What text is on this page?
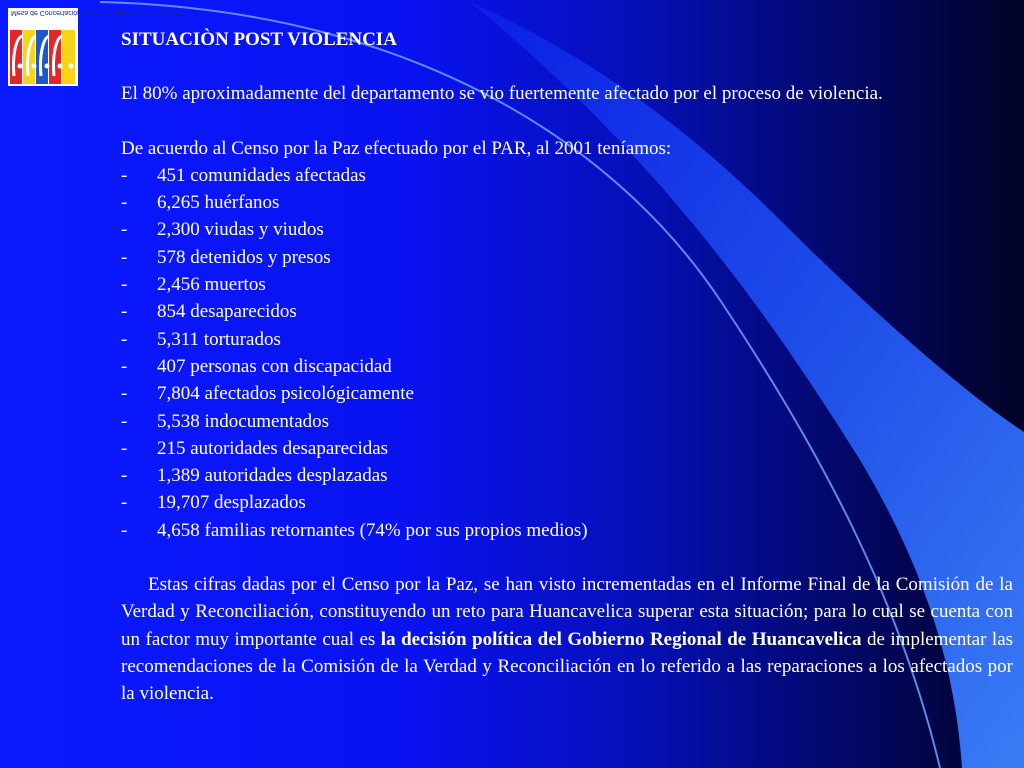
Mesa de Concertación para la Lucha contra la Pobreza

SITUACIÒN POST VIOLENCIA

El 80% aproximadamente del departamento se vio fuertemente afectado por el proceso de violencia.

De acuerdo al Censo por la Paz efectuado por el PAR, al 2001 teníamos:

-	451 comunidades afectadas
-	6,265 huérfanos
-	2,300 viudas y viudos
-	578 detenidos y presos
-	2,456 muertos
-	854 desaparecidos
-	5,311 torturados
-	407 personas con discapacidad
-	7,804 afectados psicológicamente
-	5,538 indocumentados
-	215 autoridades desaparecidas
-	1,389 autoridades desplazadas
-	19,707 desplazados
-	4,658 familias retornantes (74% por sus propios medios)

Estas cifras dadas por el Censo por la Paz, se han visto incrementadas en el Informe Final de la Comisión de la Verdad y Reconciliación, constituyendo un reto para Huancavelica superar esta situación; para lo cual se cuenta con un factor muy importante cual es la decisión política del Gobierno Regional de Huancavelica de implementar las recomendaciones de la Comisión de la Verdad y Reconciliación en lo referido a las reparaciones a los afectados por la violencia.
